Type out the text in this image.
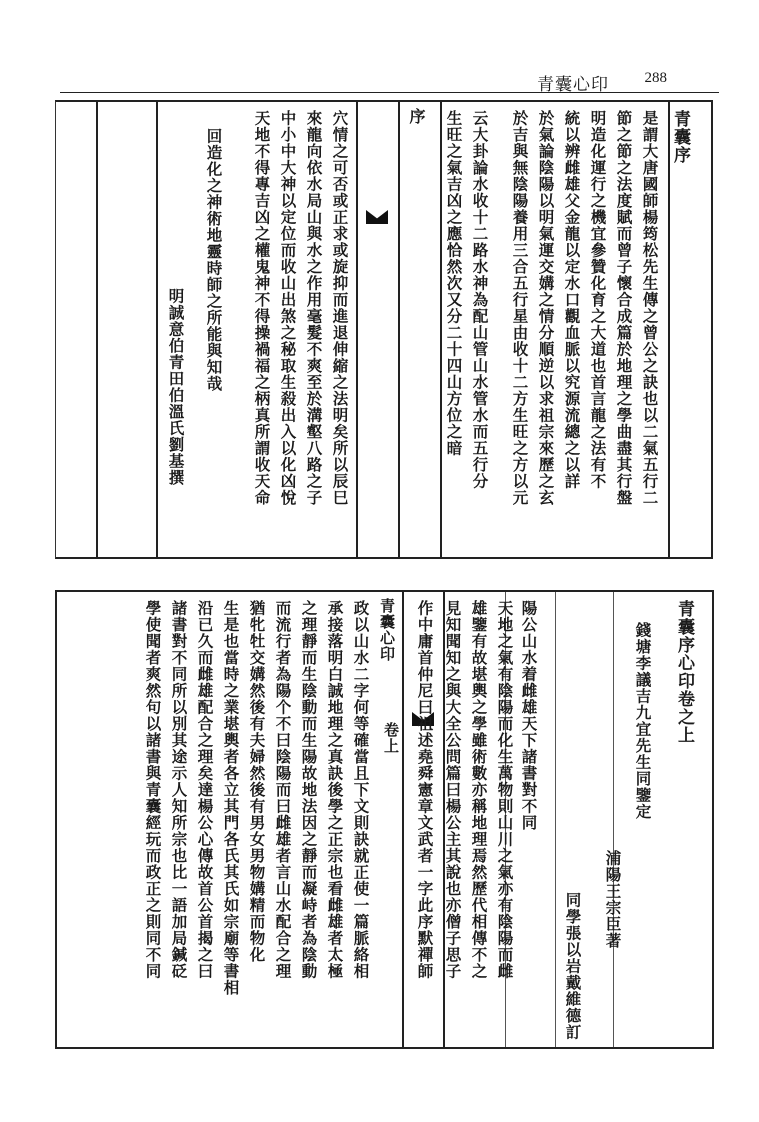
青囊心印 288
青囊序
是謂大唐國師楊筠松先生傳之曾公之訣也以二氣五行二
節之節之法度賦而曾子懷合成篇於地理之學曲盡其行盤
明造化運行之機宜參贊化育之大道也首言龍之法有不
統以辨雌雄父金龍以定水口觀血脈以究源流總之以詳
於氣論陰陽以明氣運交媾之情分順逆以求祖宗來歷之玄
於吉與無陰陽養用三合五行星由收十二方生旺之方以元
云大卦論水收十二路水神為配山管山水管水而五行分
生旺之氣吉凶之應恰然次又分二十四山方位之暗
序
穴情之可否或正求或旋抑而進退伸縮之法明矣所以辰巳
來龍向依水局山與水之作用毫髮不爽至於溝壑八路之子
中小中大神以定位而收山出煞之秘取生殺出入以化凶悅
天地不得專吉凶之權鬼神不得操禍福之柄真所謂收天命
回造化之神術地靈時師之所能與知哉
明誠意伯青田伯溫氏劉基撰
青囊序心印卷之上
錢塘李議吉九宜先生同鑒定
浦陽王宗臣著
同學張以岩戴維德訂
陽公山水着雌雄天下諸書對不同
天地之氣有陰陽而化生萬物則山川之氣亦有陰陽而雌
雄鑒有故堪輿之學雖術數亦稱地理焉然歷代相傳不之
見知聞知之與大全公問篇曰楊公主其說也亦僧子思子
作中庸首仲尼曰祖述堯舜憲章文武者一字此序默禪師
青囊心印
卷上
政以山水二字何等確當且下文則訣就正使一篇脈絡相
承接落明白誠地理之真訣後學之正宗也看雌雄者太極
之理靜而生陰動而生陽故地法因之靜而凝峙者為陰動
而流行者為陽个不曰陰陽而曰雌雄者言山水配合之理
猶牝牡交媾然後有夫婦然後有男女男物媾精而物化
生是也當時之業堪輿者各立其門各氏其氏如宗廟等書相
沿已久而雌雄配合之理矣達楊公心傳故首公首揭之曰
諸書對不同所以別其途示人知所宗也比一語加局鍼砭
學使聞者爽然句以諸書與青囊經玩而政正之則同不同
